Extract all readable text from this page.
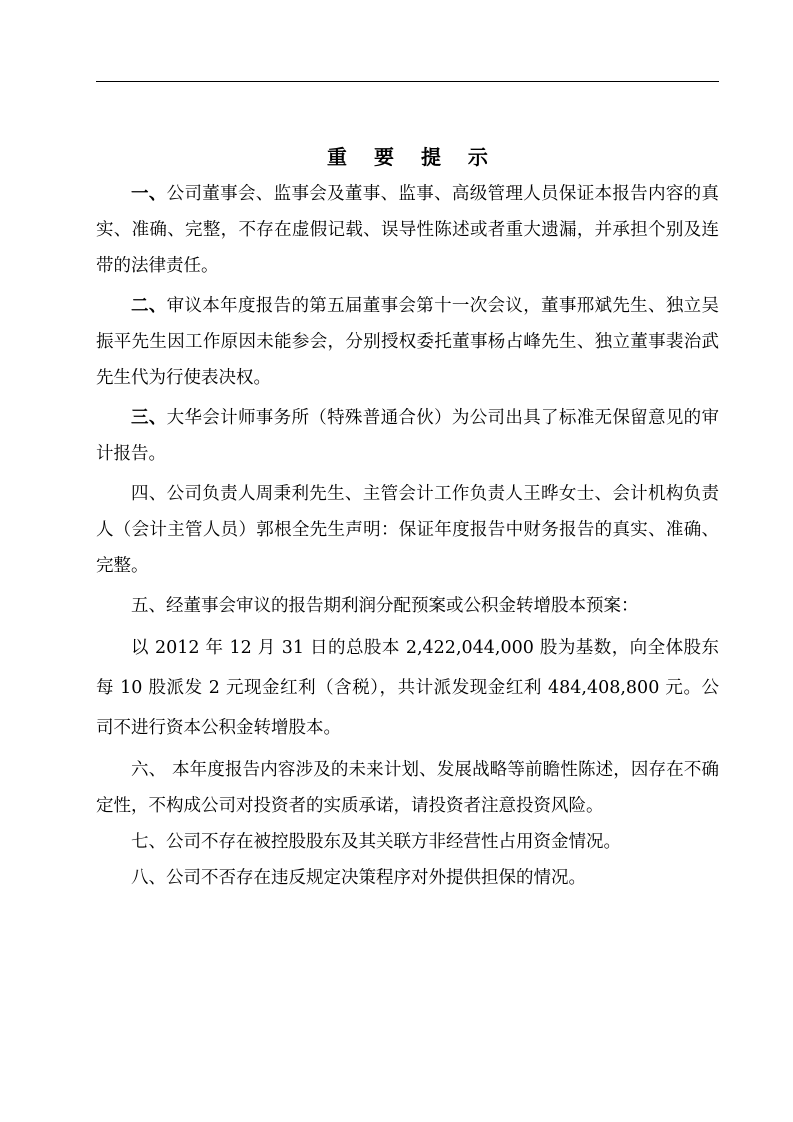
重 要 提 示

一、公司董事会、监事会及董事、监事、高级管理人员保证本报告内容的真实、准确、完整，不存在虚假记载、误导性陈述或者重大遗漏，并承担个别及连带的法律责任。

二、审议本年度报告的第五届董事会第十一次会议，董事邢斌先生、独立吴振平先生因工作原因未能参会，分别授权委托董事杨占峰先生、独立董事裴治武先生代为行使表决权。

三、大华会计师事务所（特殊普通合伙）为公司出具了标准无保留意见的审计报告。

四、公司负责人周秉利先生、主管会计工作负责人王晔女士、会计机构负责人（会计主管人员）郭根全先生声明：保证年度报告中财务报告的真实、准确、完整。

五、经董事会审议的报告期利润分配预案或公积金转增股本预案：

以 2012 年 12 月 31 日的总股本 2,422,044,000 股为基数，向全体股东每 10 股派发 2 元现金红利（含税），共计派发现金红利 484,408,800 元。公司不进行资本公积金转增股本。

六、 本年度报告内容涉及的未来计划、发展战略等前瞻性陈述，因存在不确定性，不构成公司对投资者的实质承诺，请投资者注意投资风险。

七、公司不存在被控股股东及其关联方非经营性占用资金情况。

八、公司不否存在违反规定决策程序对外提供担保的情况。
